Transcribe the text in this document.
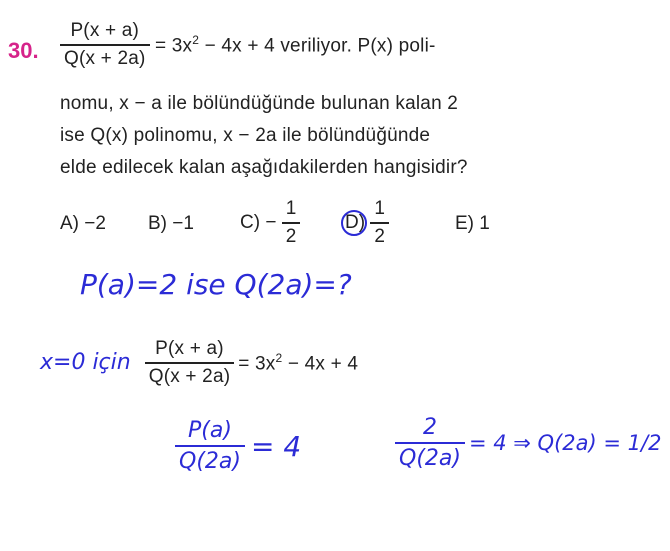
30. $\frac{P(x + a)}{Q(x + 2a)} = 3x^2 - 4x + 4$ veriliyor. P(x) poli-
nomu, x − a ile bölündüğünde bulunan kalan 2
ise Q(x) polinomu, x − 2a ile bölündüğünde
elde edilecek kalan aşağıdakilerden hangisidir?
A) −2 B) −1 $C) - \frac{1}{2} D) \frac{1}{2}$	E) 1
P(a)=2 ise Q(2a)=?
x=0 için $\frac{P(x + a)}{Q(x + 2a)} = 3x^2 - 4x + 4$
$\frac{P(a)}{Q(2a)} = 4$	$\frac{2}{Q(2a)} = 4$ ⇒ Q(2a) = 1/2
